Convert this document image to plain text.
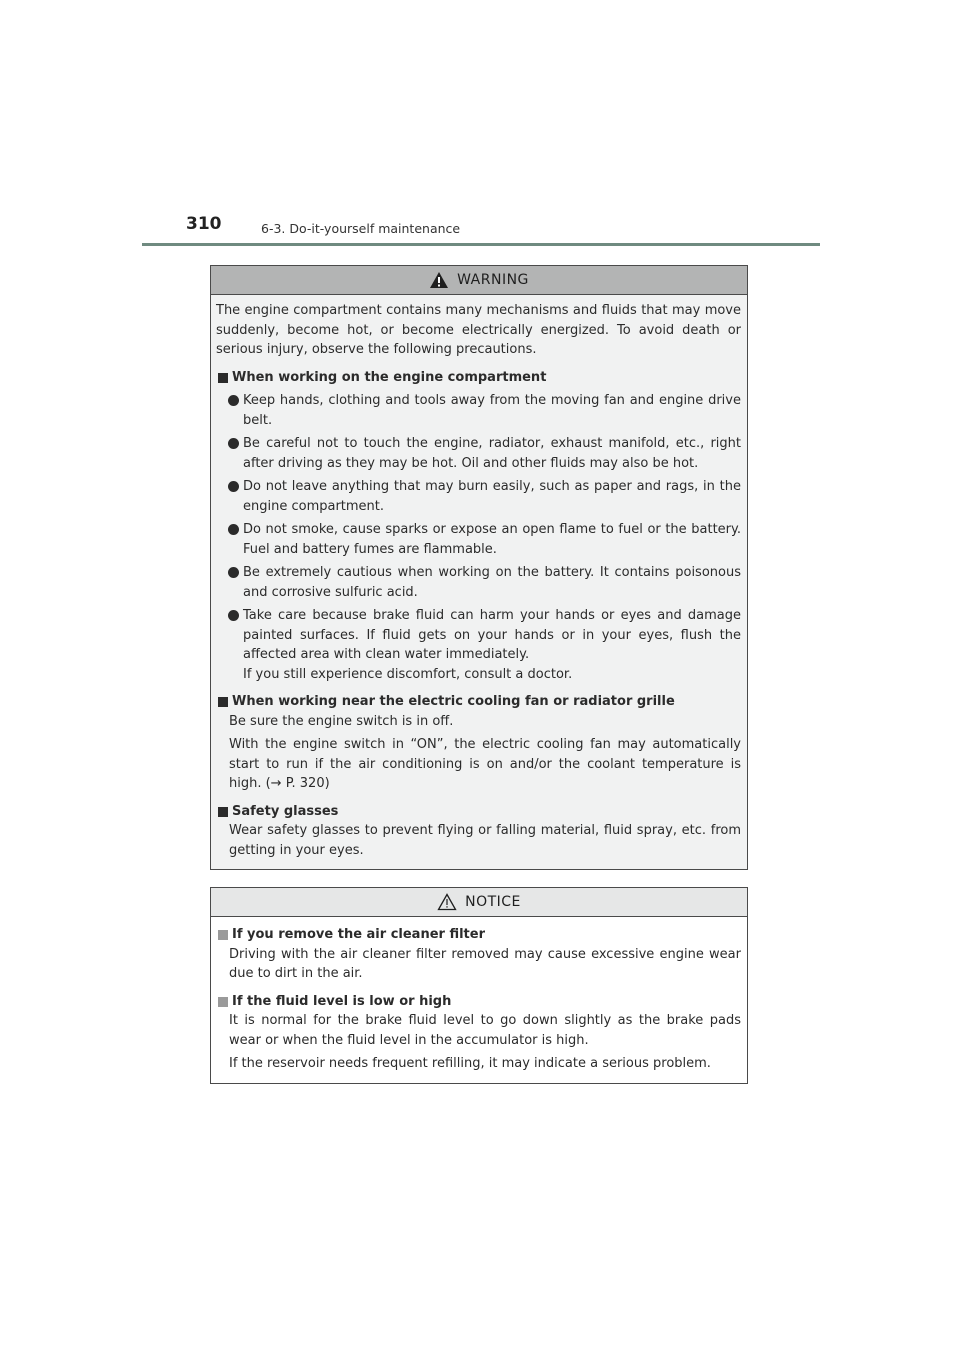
310	6-3. Do-it-yourself maintenance
WARNING

The engine compartment contains many mechanisms and fluids that may move suddenly, become hot, or become electrically energized. To avoid death or serious injury, observe the following precautions.

When working on the engine compartment
Keep hands, clothing and tools away from the moving fan and engine drive belt.
Be careful not to touch the engine, radiator, exhaust manifold, etc., right after driving as they may be hot. Oil and other fluids may also be hot.
Do not leave anything that may burn easily, such as paper and rags, in the engine compartment.
Do not smoke, cause sparks or expose an open flame to fuel or the battery. Fuel and battery fumes are flammable.
Be extremely cautious when working on the battery. It contains poisonous and corrosive sulfuric acid.
Take care because brake fluid can harm your hands or eyes and damage painted surfaces. If fluid gets on your hands or in your eyes, flush the affected area with clean water immediately.
If you still experience discomfort, consult a doctor.
When working near the electric cooling fan or radiator grille
Be sure the engine switch is in off.
With the engine switch in “ON”, the electric cooling fan may automatically start to run if the air conditioning is on and/or the coolant temperature is high. (→ P. 320)
Safety glasses
Wear safety glasses to prevent flying or falling material, fluid spray, etc. from getting in your eyes.
NOTICE
If you remove the air cleaner filter
Driving with the air cleaner filter removed may cause excessive engine wear due to dirt in the air.
If the fluid level is low or high
It is normal for the brake fluid level to go down slightly as the brake pads wear or when the fluid level in the accumulator is high.
If the reservoir needs frequent refilling, it may indicate a serious problem.
